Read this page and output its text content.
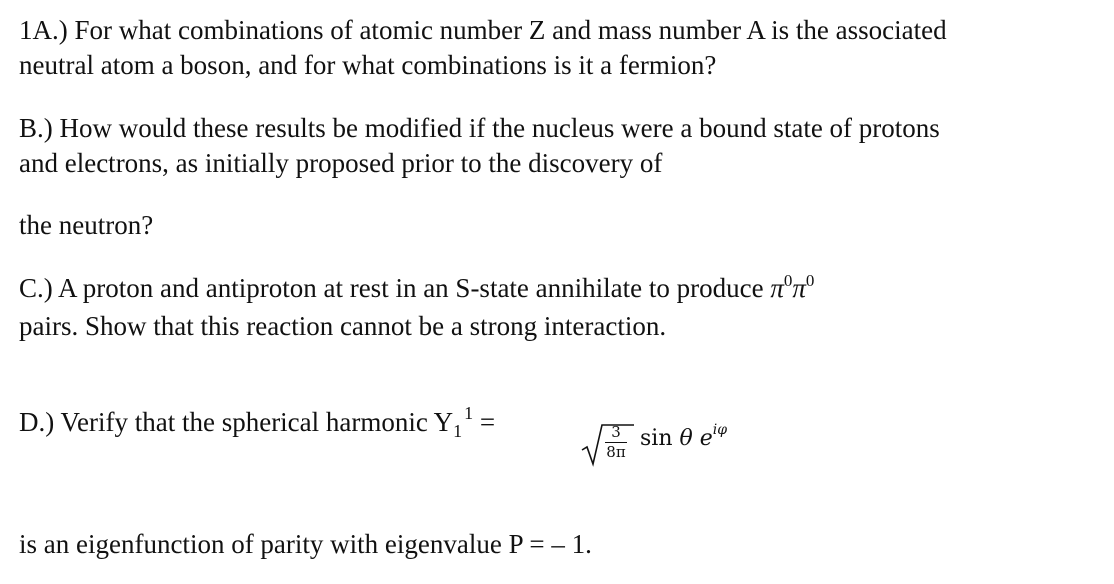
1A.) For what combinations of atomic number Z and mass number A is the associated
neutral atom a boson, and for what combinations is it a fermion?
B.) How would these results be modified if the nucleus were a bound state of protons
and electrons, as initially proposed prior to the discovery of
the neutron?
C.) A proton and antiproton at rest in an S-state annihilate to produce $\pi^0\pi^0$
pairs. Show that this reaction cannot be a strong interaction.
D.) Verify that the spherical harmonic $Y_1^1$ =	3
8π
sin θ $e^{i\varphi}$
is an eigenfunction of parity with eigenvalue P = – 1.
